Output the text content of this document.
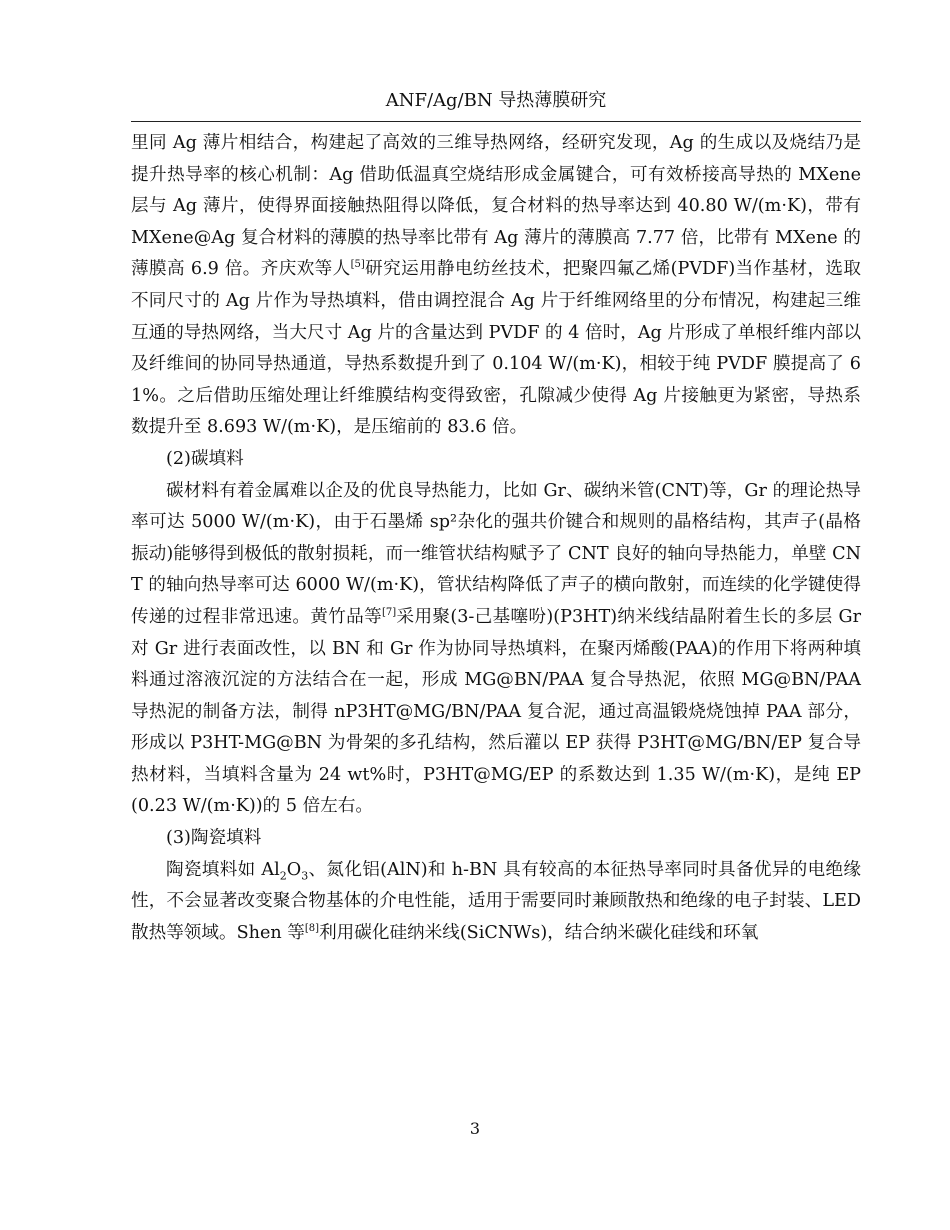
ANF/Ag/BN 导热薄膜研究

里同 Ag 薄片相结合，构建起了高效的三维导热网络，经研究发现，Ag 的生成以及烧结乃是提升热导率的核心机制：Ag 借助低温真空烧结形成金属键合，可有效桥接高导热的 MXene 层与 Ag 薄片，使得界面接触热阻得以降低，复合材料的热导率达到 40.80 W/(m·K)，带有 MXene@Ag 复合材料的薄膜的热导率比带有 Ag 薄片的薄膜高 7.77 倍，比带有 MXene 的薄膜高 6.9 倍。齐庆欢等人[5]研究运用静电纺丝技术，把聚四氟乙烯(PVDF)当作基材，选取不同尺寸的 Ag 片作为导热填料，借由调控混合 Ag 片于纤维网络里的分布情况，构建起三维互通的导热网络，当大尺寸 Ag 片的含量达到 PVDF 的 4 倍时，Ag 片形成了单根纤维内部以及纤维间的协同导热通道，导热系数提升到了 0.104 W/(m·K)，相较于纯 PVDF 膜提高了 61%。之后借助压缩处理让纤维膜结构变得致密，孔隙减少使得 Ag 片接触更为紧密，导热系数提升至 8.693 W/(m·K)，是压缩前的 83.6 倍。

(2)碳填料

碳材料有着金属难以企及的优良导热能力，比如 Gr、碳纳米管(CNT)等，Gr 的理论热导率可达 5000 W/(m·K)，由于石墨烯 sp²杂化的强共价键合和规则的晶格结构，其声子(晶格振动)能够得到极低的散射损耗，而一维管状结构赋予了 CNT 良好的轴向导热能力，单壁 CNT 的轴向热导率可达 6000 W/(m·K)，管状结构降低了声子的横向散射，而连续的化学键使得传递的过程非常迅速。黄竹品等[7]采用聚(3-己基噻吩)(P3HT)纳米线结晶附着生长的多层 Gr 对 Gr 进行表面改性，以 BN 和 Gr 作为协同导热填料，在聚丙烯酸(PAA)的作用下将两种填料通过溶液沉淀的方法结合在一起，形成 MG@BN/PAA 复合导热泥，依照 MG@BN/PAA 导热泥的制备方法，制得 nP3HT@MG/BN/PAA 复合泥，通过高温锻烧烧蚀掉 PAA 部分，形成以 P3HT-MG@BN 为骨架的多孔结构，然后灌以 EP 获得 P3HT@MG/BN/EP 复合导热材料，当填料含量为 24 wt%时，P3HT@MG/EP 的系数达到 1.35 W/(m·K)，是纯 EP(0.23 W/(m·K))的 5 倍左右。

(3)陶瓷填料

陶瓷填料如 $Al_2O_3$、氮化铝(AlN)和 h-BN 具有较高的本征热导率同时具备优异的电绝缘性，不会显著改变聚合物基体的介电性能，适用于需要同时兼顾散热和绝缘的电子封装、LED 散热等领域。Shen 等[8]利用碳化硅纳米线(SiCNWs)，结合纳米碳化硅线和环氧

3
